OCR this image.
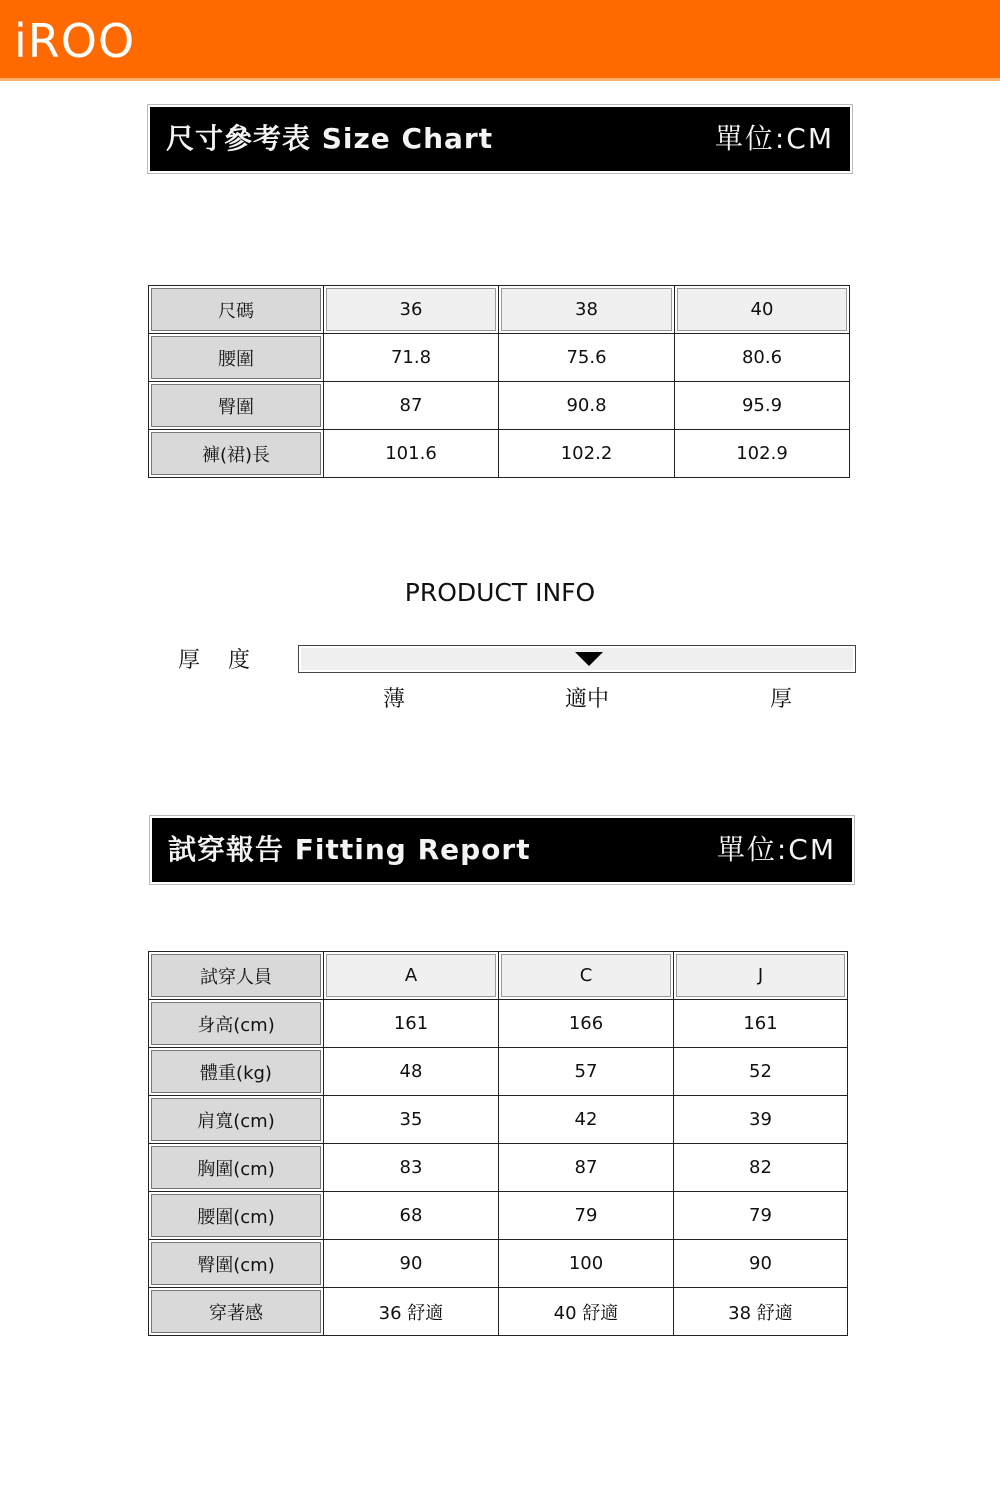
iROO
尺寸參考表 Size Chart	單位:CM
尺碼	36	38	40
腰圍	71.8	75.6	80.6
臀圍	87	90.8	95.9
褲(裙)長	101.6	102.2	102.9
PRODUCT INFO
厚度
薄	適中	厚
試穿報告 Fitting Report	單位:CM
試穿人員	A	C	J
身高(cm)	161	166	161
體重(kg)	48	57	52
肩寬(cm)	35	42	39
胸圍(cm)	83	87	82
腰圍(cm)	68	79	79
臀圍(cm)	90	100	90
穿著感	36 舒適	40 舒適	38 舒適
